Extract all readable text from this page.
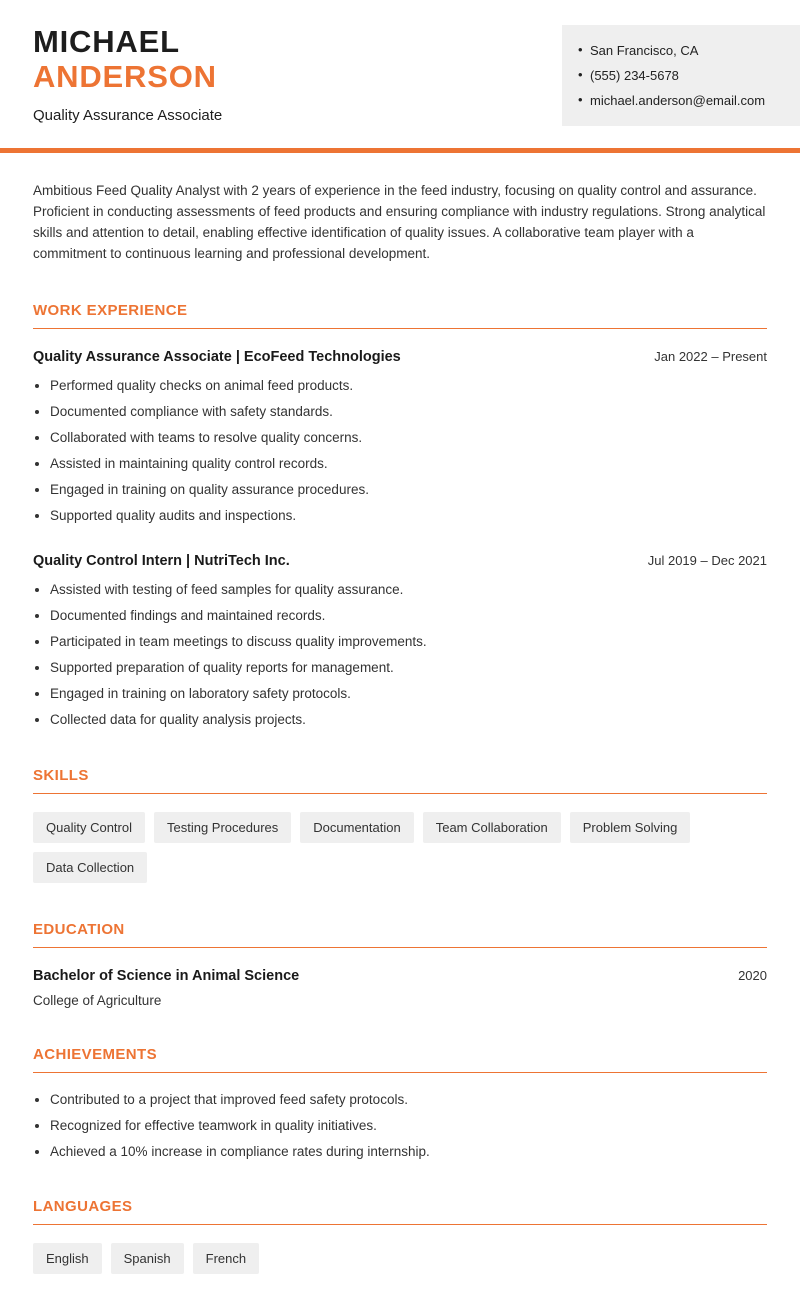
MICHAEL
ANDERSON
Quality Assurance Associate
• San Francisco, CA
• (555) 234-5678
• michael.anderson@email.com

Ambitious Feed Quality Analyst with 2 years of experience in the feed industry, focusing on quality control and assurance. Proficient in conducting assessments of feed products and ensuring compliance with industry regulations. Strong analytical skills and attention to detail, enabling effective identification of quality issues. A collaborative team player with a commitment to continuous learning and professional development.

WORK EXPERIENCE
Quality Assurance Associate | EcoFeed Technologies	Jan 2022 – Present
• Performed quality checks on animal feed products.
• Documented compliance with safety standards.
• Collaborated with teams to resolve quality concerns.
• Assisted in maintaining quality control records.
• Engaged in training on quality assurance procedures.
• Supported quality audits and inspections.
Quality Control Intern | NutriTech Inc.	Jul 2019 – Dec 2021
• Assisted with testing of feed samples for quality assurance.
• Documented findings and maintained records.
• Participated in team meetings to discuss quality improvements.
• Supported preparation of quality reports for management.
• Engaged in training on laboratory safety protocols.
• Collected data for quality analysis projects.
SKILLS
Quality Control	Testing Procedures	Documentation	Team Collaboration	Problem Solving
Data Collection
EDUCATION
Bachelor of Science in Animal Science	2020
College of Agriculture
ACHIEVEMENTS
• Contributed to a project that improved feed safety protocols.
• Recognized for effective teamwork in quality initiatives.
• Achieved a 10% increase in compliance rates during internship.
LANGUAGES
English	Spanish	French
